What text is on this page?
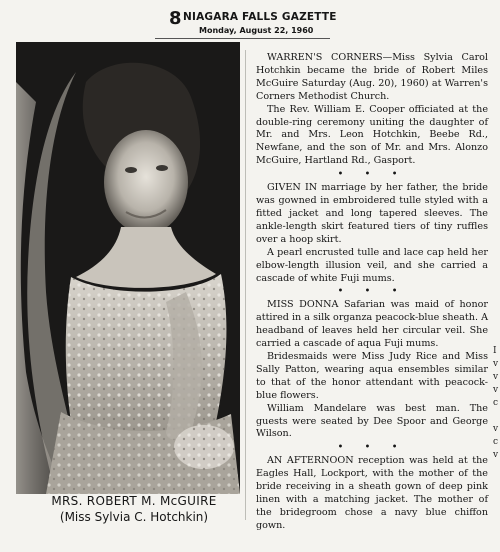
8 NIAGARA FALLS GAZETTE
Monday, August 22, 1960
MRS. ROBERT M. McGUIRE
(Miss Sylvia C. Hotchkin)

WARREN'S CORNERS—Miss Sylvia Carol Hotchkin became the bride of Robert Miles McGuire Saturday (Aug. 20), 1960) at Warren's Corners Methodist Church.

The Rev. William E. Cooper officiated at the double-ring ceremony uniting the daughter of Mr. and Mrs. Leon Hotchkin, Beebe Rd., Newfane, and the son of Mr. and Mrs. Alonzo McGuire, Hartland Rd., Gasport.

• • •

GIVEN IN marriage by her father, the bride was gowned in embroidered tulle styled with a fitted jacket and long tapered sleeves. The ankle-length skirt featured tiers of tiny ruffles over a hoop skirt.

A pearl encrusted tulle and lace cap held her elbow-length illusion veil, and she carried a cascade of white Fuji mums.

• • •

MISS DONNA Safarian was maid of honor attired in a silk organza peacock-blue sheath. A headband of leaves held her circular veil. She carried a cascade of aqua Fuji mums.

Bridesmaids were Miss Judy Rice and Miss Sally Patton, wearing aqua ensembles similar to that of the honor attendant with peacock-blue flowers.

William Mandelare was best man. The guests were seated by Dee Spoor and George Wilson.

• • •

AN AFTERNOON reception was held at the Eagles Hall, Lockport, with the mother of the bride receiving in a sheath gown of deep pink linen with a matching jacket. The mother of the bridegroom chose a navy blue chiffon gown.

I
v
v
v
c

v
c
v
